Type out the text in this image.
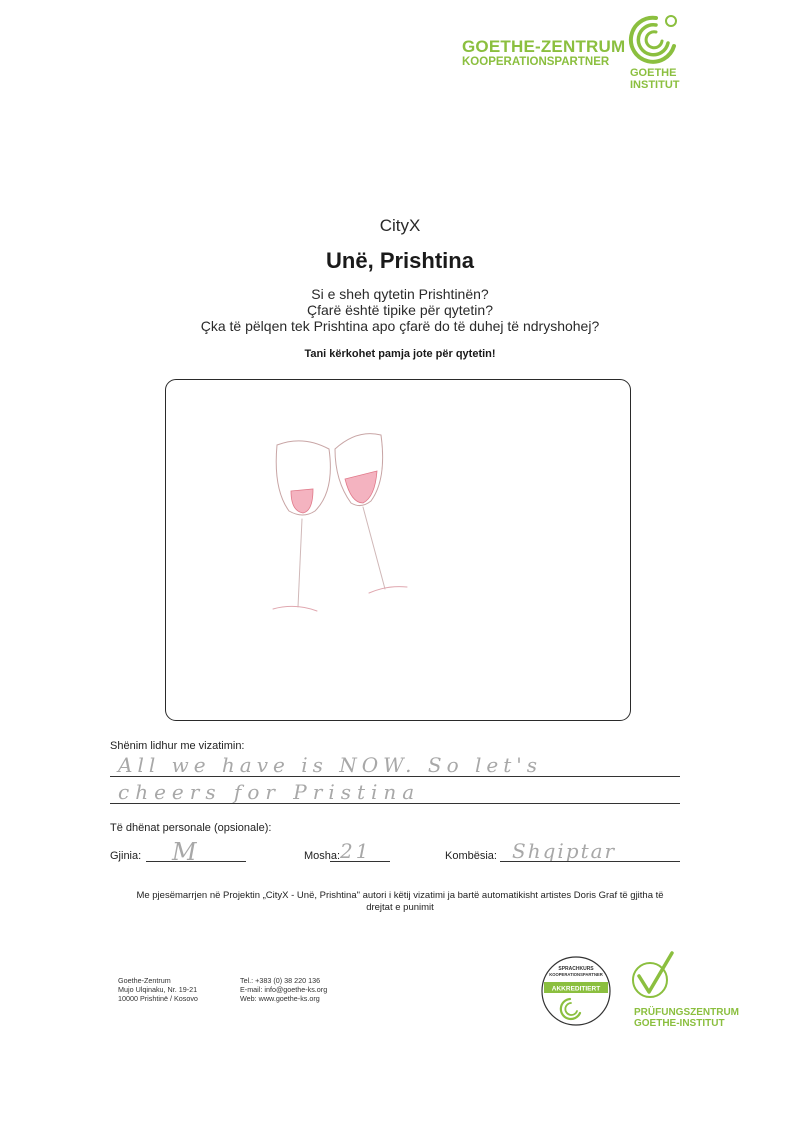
GOETHE-ZENTRUM
KOOPERATIONSPARTNER
GOETHE
INSTITUT
CityX
Unë, Prishtina
Si e sheh qytetin Prishtinën?
Çfarë është tipike për qytetin?
Çka të pëlqen tek Prishtina apo çfarë do të duhej të ndryshohej?
Tani kërkohet pamja jote për qytetin!
Shënim lidhur me vizatimin:
All we have is NOW. So let's
cheers for Pristina
Të dhënat personale (opsionale):
Gjinia: M	Mosha: 21	Kombësia: Shqiptar
Me pjesëmarrjen në Projektin „CityX - Unë, Prishtina" autori i këtij vizatimi ja bartë automatikisht artistes Doris Graf të gjitha të
drejtat e punimit
Goethe-Zentrum
Mujo Ulqinaku, Nr. 19-21
10000 Prishtinë / Kosovo
Tel.: +383 (0) 38 220 136
E-mail: info@goethe-ks.org
Web: www.goethe-ks.org
SPRACHKURS
KOOPERATIONSPARTNER
AKKREDITIERT
PRÜFUNGSZENTRUM
GOETHE-INSTITUT
